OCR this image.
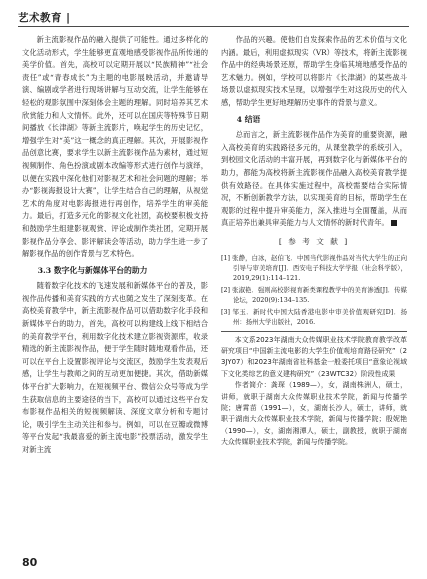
艺术教育 |

新主流影视作品的融入提供了可能性。通过多样化的文化活动形式，学生能够更直观地感受影视作品所传递的美学价值。首先，高校可以定期开展以“民族精神”“社会责任”或“青春成长”为主题的电影展映活动，并邀请导演、编剧或学者进行现场讲解与互动交流，让学生能够在轻松的观影氛围中深刻体会主题的理解。同时培养其艺术欣赏能力和人文情怀。此外，还可以在国庆等特殊节日期间播放《长津湖》等新主流影片，唤起学生的历史记忆，增强学生对“美”这一概念的真正理解。其次，开展影视作品创意比赛，要求学生以新主流影视作品为素材，通过短视频制作、角色扮演或剧本改编等形式进行创作与演绎，以便在实践中深化他们对影视艺术和社会问题的理解；举办“影视海报设计大赛”，让学生结合自己的理解，从视觉艺术的角度对电影海报进行再创作，培养学生的审美能力。最后，打造多元化的影视文化社团，高校要积极支持和鼓励学生组建影视观赏、评论或制作类社团，定期开展影视作品分享会、影评解读会等活动，助力学生进一步了解影视作品的创作背景与艺术特色。

3.3 数字化与新媒体平台的助力

随着数字化技术的飞速发展和新媒体平台的普及，影视作品传播和美育实践的方式也随之发生了深刻变革。在高校美育教学中，新主流影视作品可以借助数字化手段和新媒体平台的助力，首先，高校可以构建线上线下相结合的美育教学平台，利用数字化技术建立影视资源库，收录精选的新主流影视作品，便于学生随时随地观看作品，还可以在平台上设置影视评论与交流区，鼓励学生发表观后感，让学生与教师之间的互动更加便捷。其次，借助新媒体平台扩大影响力，在短视频平台、微信公众号等成为学生获取信息的主要途径的当下，高校可以通过这些平台发布影视作品相关的短视频解读、深度文章分析和专题讨论，吸引学生主动关注和参与。例如，可以在豆瓣或微博等平台发起“我最喜爱的新主流电影”投票活动，激发学生对新主流

作品的兴趣。使他们自发探索作品的艺术价值与文化内涵。最后，利用虚拟现实（VR）等技术，将新主流影视作品中的经典场景还原，帮助学生身临其境地感受作品的艺术魅力。例如，学校可以将影片《长津湖》的某些战斗场景以虚拟现实技术呈现，以增强学生对这段历史的代入感，帮助学生更好地理解历史事件的背景与意义。

4 结语

总而言之，新主流影视作品作为美育的重要资源，融入高校美育的实践路径多元的，从课堂教学的系统引入，到校园文化活动的丰富开展，再到数字化与新媒体平台的助力，都能为高校将新主流影视作品融入高校美育教学提供有效路径。在具体实施过程中，高校需要结合实际情况，不断创新教学方法，以实现美育的目标，帮助学生在观影的过程中提升审美能力，深入推进与全面覆盖，从而真正培养出兼具审美能力与人文情怀的新时代青年。

[ 参 考 文 献 ]
[1] 张静，白冰，赵伯飞．中国当代影视作品对当代大学生的正向引导与审美培育[J]．西安电子科技大学学报（社会科学版），2019,29(1):114–121.
[2] 张淑艳．强则高校影视育新类课程教学中的美育渗透[J]．传媒论坛，2020(9):134–135.
[3] 邹玉．新时代中国大陆香港电影中审美价值观研究[D]．扬州：扬州大学出版社，2016.

本文系2023年湖南大众传媒职业技术学院教育教学改革研究项目“中国新主流电影的大学生价值观培育路径研究”（23JY07）和2023年湖南省社科基金一般委托项目“意象论视域下文化类综艺的意义建构研究”（23WTC32）阶段性成果

作者简介：龚琛（1989—），女，湖南株洲人，硕士，讲师，就职于湖南大众传媒职业技术学院，新闻与传播学院；唐霄苗（1991—），女，湖南长沙人，硕士，讲师，就职于湖南大众传媒职业技术学院，新闻与传播学院；殷妮艳（1990—），女，湖南湘潭人，硕士，副教授，就职于湖南大众传媒职业技术学院，新闻与传播学院。

80
